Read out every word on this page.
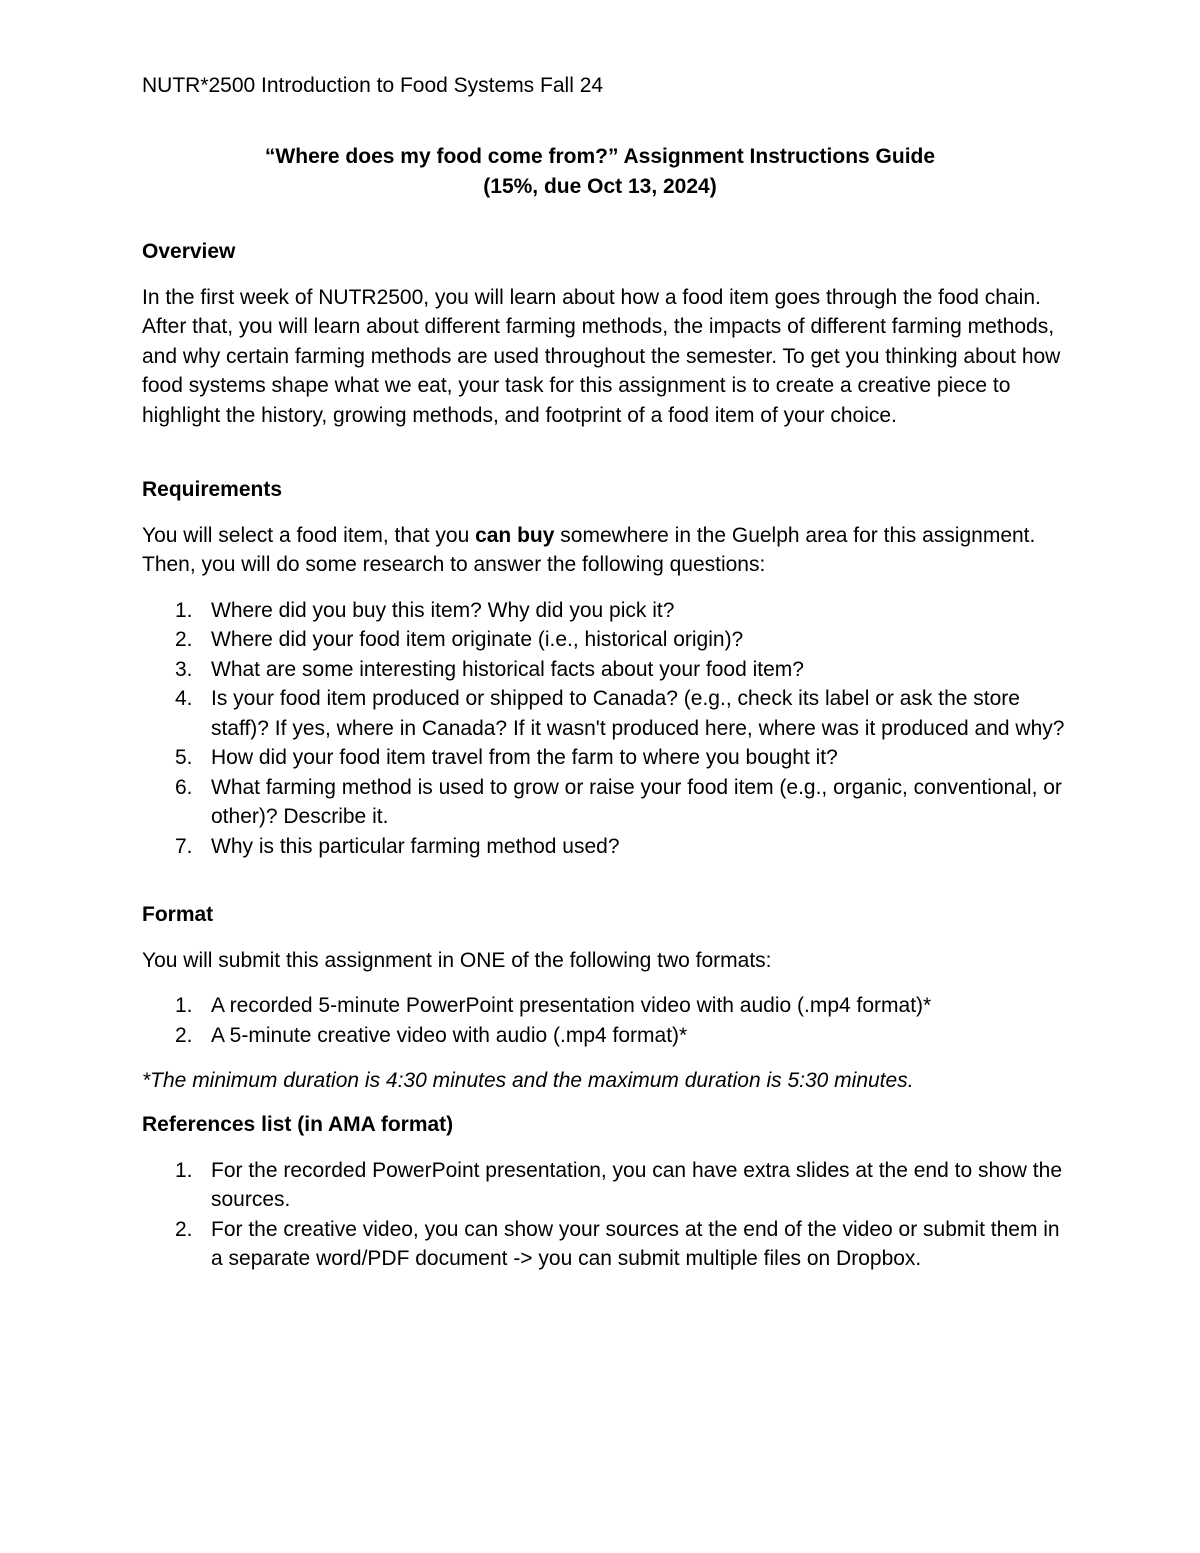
NUTR*2500 Introduction to Food Systems Fall 24

“Where does my food come from?” Assignment Instructions Guide

(15%, due Oct 13, 2024)

Overview

In the first week of NUTR2500, you will learn about how a food item goes through the food chain. After that, you will learn about different farming methods, the impacts of different farming methods, and why certain farming methods are used throughout the semester. To get you thinking about how food systems shape what we eat, your task for this assignment is to create a creative piece to highlight the history, growing methods, and footprint of a food item of your choice.

Requirements

You will select a food item, that you can buy somewhere in the Guelph area for this assignment. Then, you will do some research to answer the following questions:

1. Where did you buy this item? Why did you pick it?
2. Where did your food item originate (i.e., historical origin)?
3. What are some interesting historical facts about your food item?
4. Is your food item produced or shipped to Canada? (e.g., check its label or ask the store staff)? If yes, where in Canada? If it wasn't produced here, where was it produced and why?
5. How did your food item travel from the farm to where you bought it?
6. What farming method is used to grow or raise your food item (e.g., organic, conventional, or other)? Describe it.
7. Why is this particular farming method used?
Format

You will submit this assignment in ONE of the following two formats:

1. A recorded 5-minute PowerPoint presentation video with audio (.mp4 format)*
2. A 5-minute creative video with audio (.mp4 format)*

*The minimum duration is 4:30 minutes and the maximum duration is 5:30 minutes.

References list (in AMA format)
1. For the recorded PowerPoint presentation, you can have extra slides at the end to show the sources.
2. For the creative video, you can show your sources at the end of the video or submit them in a separate word/PDF document -> you can submit multiple files on Dropbox.
